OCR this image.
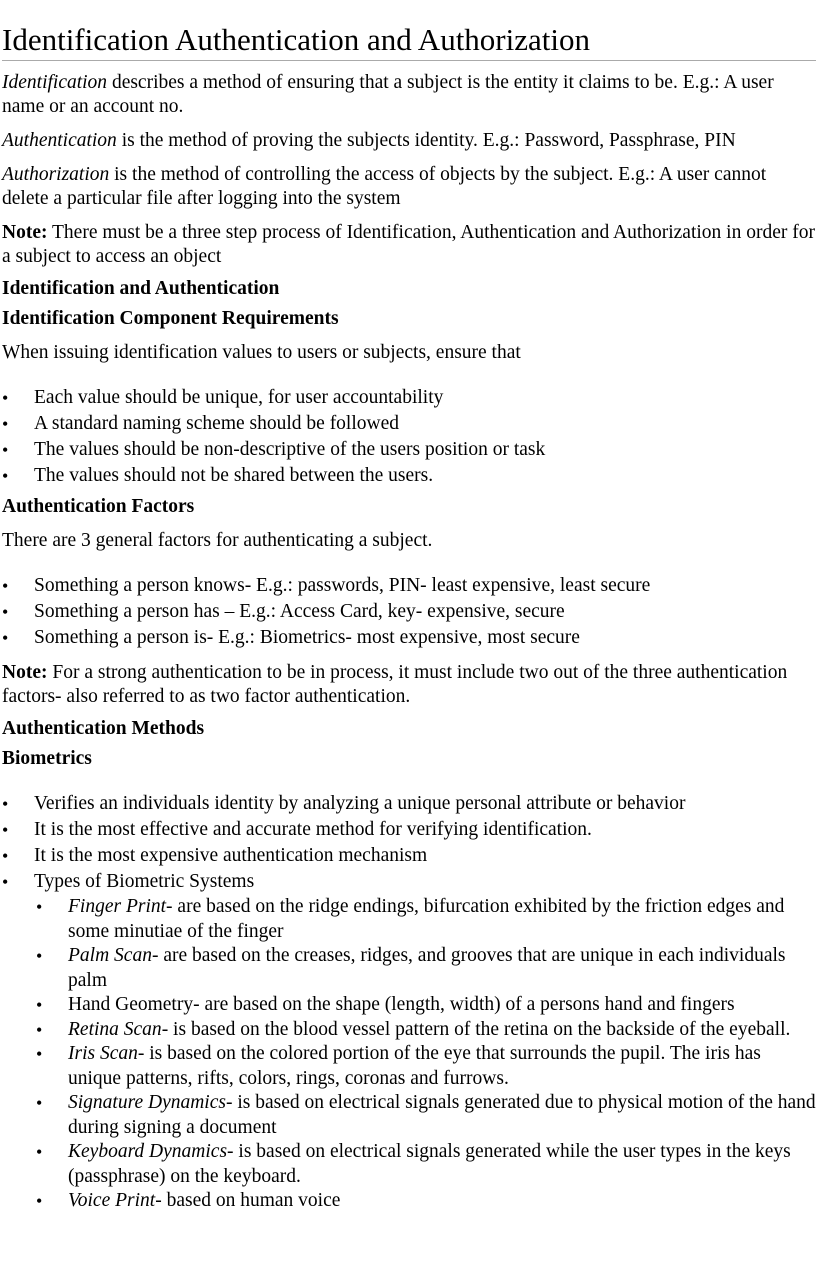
Identification Authentication and Authorization

Identification describes a method of ensuring that a subject is the entity it claims to be. E.g.: A user name or an account no.

Authentication is the method of proving the subjects identity. E.g.: Password, Passphrase, PIN

Authorization is the method of controlling the access of objects by the subject. E.g.: A user cannot delete a particular file after logging into the system

Note: There must be a three step process of Identification, Authentication and Authorization in order for a subject to access an object

Identification and Authentication

Identification Component Requirements

When issuing identification values to users or subjects, ensure that

• Each value should be unique, for user accountability
• A standard naming scheme should be followed
• The values should be non-descriptive of the users position or task
• The values should not be shared between the users.

Authentication Factors

There are 3 general factors for authenticating a subject.

• Something a person knows- E.g.: passwords, PIN- least expensive, least secure
• Something a person has – E.g.: Access Card, key- expensive, secure
• Something a person is- E.g.: Biometrics- most expensive, most secure

Note: For a strong authentication to be in process, it must include two out of the three authentication factors- also referred to as two factor authentication.

Authentication Methods

Biometrics

• Verifies an individuals identity by analyzing a unique personal attribute or behavior
• It is the most effective and accurate method for verifying identification.
• It is the most expensive authentication mechanism
• Types of Biometric Systems
• Finger Print- are based on the ridge endings, bifurcation exhibited by the friction edges and some minutiae of the finger
• Palm Scan- are based on the creases, ridges, and grooves that are unique in each individuals palm
• Hand Geometry- are based on the shape (length, width) of a persons hand and fingers
• Retina Scan- is based on the blood vessel pattern of the retina on the backside of the eyeball.
• Iris Scan- is based on the colored portion of the eye that surrounds the pupil. The iris has unique patterns, rifts, colors, rings, coronas and furrows.
• Signature Dynamics- is based on electrical signals generated due to physical motion of the hand during signing a document
• Keyboard Dynamics- is based on electrical signals generated while the user types in the keys (passphrase) on the keyboard.
• Voice Print- based on human voice
